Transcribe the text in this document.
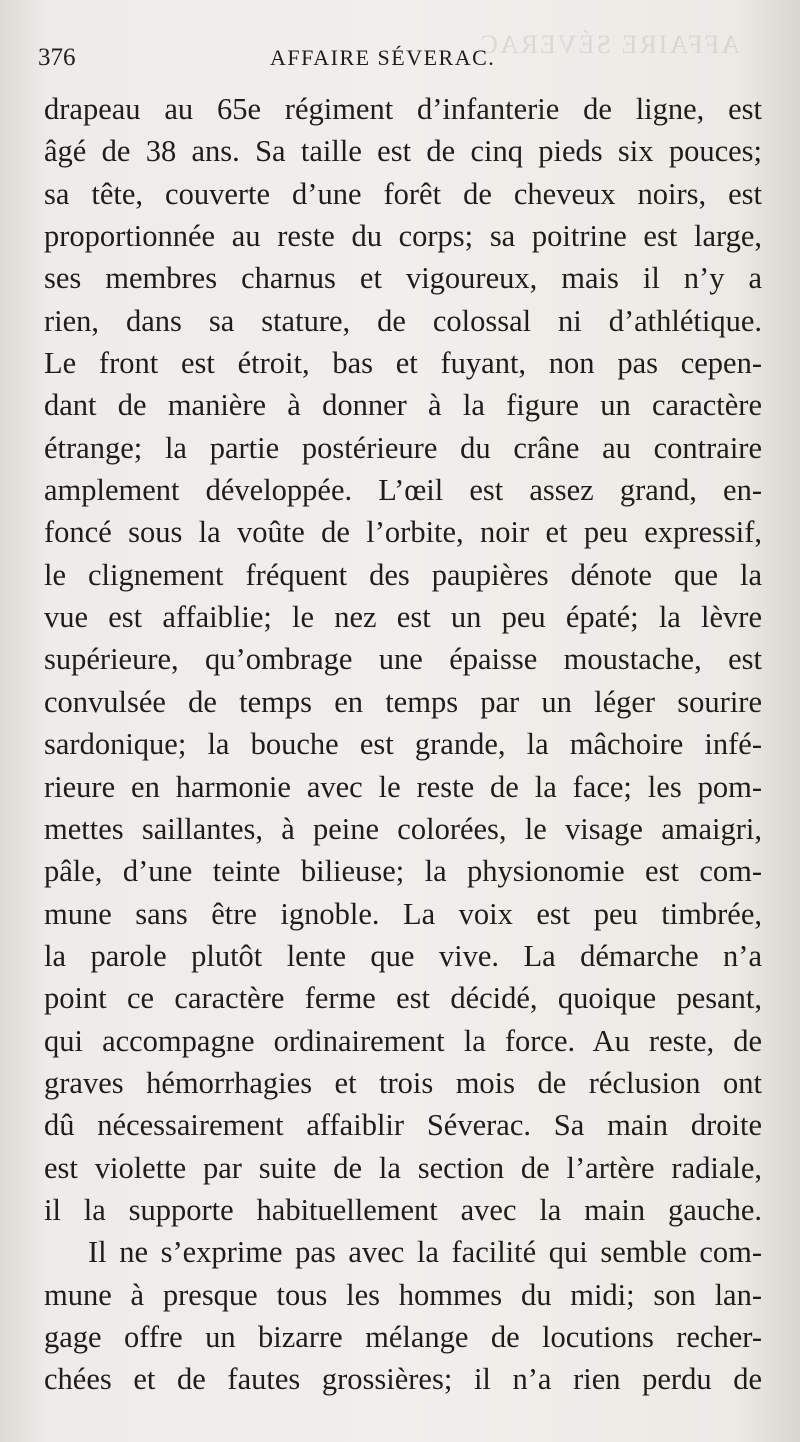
AFFAIRE SÉVERAC.
376	AFFAIRE SÉVERAC.
drapeau au 65e régiment d’infanterie de ligne, est
âgé de 38 ans. Sa taille est de cinq pieds six pouces;
sa tête, couverte d’une forêt de cheveux noirs, est
proportionnée au reste du corps; sa poitrine est large,
ses membres charnus et vigoureux, mais il n’y a
rien, dans sa stature, de colossal ni d’athlétique.
Le front est étroit, bas et fuyant, non pas cepen-
dant de manière à donner à la figure un caractère
étrange; la partie postérieure du crâne au contraire
amplement développée. L’œil est assez grand, en-
foncé sous la voûte de l’orbite, noir et peu expressif,
le clignement fréquent des paupières dénote que la
vue est affaiblie; le nez est un peu épaté; la lèvre
supérieure, qu’ombrage une épaisse moustache, est
convulsée de temps en temps par un léger sourire
sardonique; la bouche est grande, la mâchoire infé-
rieure en harmonie avec le reste de la face; les pom-
mettes saillantes, à peine colorées, le visage amaigri,
pâle, d’une teinte bilieuse; la physionomie est com-
mune sans être ignoble. La voix est peu timbrée,
la parole plutôt lente que vive. La démarche n’a
point ce caractère ferme est décidé, quoique pesant,
qui accompagne ordinairement la force. Au reste, de
graves hémorrhagies et trois mois de réclusion ont
dû nécessairement affaiblir Séverac. Sa main droite
est violette par suite de la section de l’artère radiale,
il la supporte habituellement avec la main gauche.
Il ne s’exprime pas avec la facilité qui semble com-
mune à presque tous les hommes du midi; son lan-
gage offre un bizarre mélange de locutions recher-
chées et de fautes grossières; il n’a rien perdu de
